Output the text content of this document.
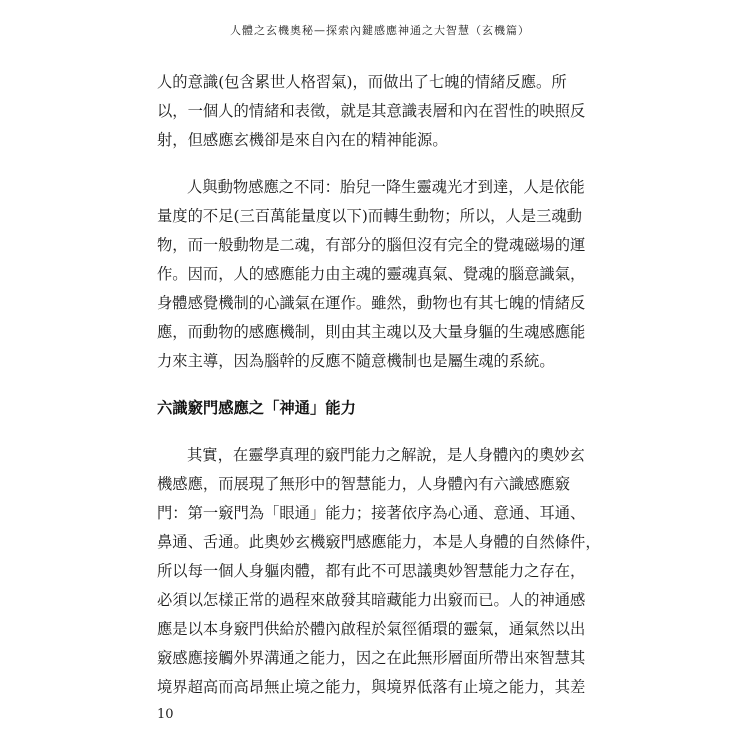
人體之玄機奧秘—探索內鍵感應神通之大智慧（玄機篇）
人的意識(包含累世人格習氣)，而做出了七魄的情緒反應。所
以，一個人的情緒和表徵，就是其意識表層和內在習性的映照反
射，但感應玄機卻是來自內在的精神能源。
人與動物感應之不同：胎兒一降生靈魂光才到達，人是依能
量度的不足(三百萬能量度以下)而轉生動物；所以，人是三魂動
物，而一般動物是二魂，有部分的腦但沒有完全的覺魂磁場的運
作。因而，人的感應能力由主魂的靈魂真氣、覺魂的腦意識氣，
身體感覺機制的心識氣在運作。雖然，動物也有其七魄的情緒反
應，而動物的感應機制，則由其主魂以及大量身軀的生魂感應能
力來主導，因為腦幹的反應不隨意機制也是屬生魂的系統。
六識竅門感應之「神通」能力
其實，在靈學真理的竅門能力之解說，是人身體內的奧妙玄
機感應，而展現了無形中的智慧能力，人身體內有六識感應竅
門：第一竅門為「眼通」能力；接著依序為心通、意通、耳通、
鼻通、舌通。此奧妙玄機竅門感應能力，本是人身體的自然條件，
所以每一個人身軀肉體，都有此不可思議奧妙智慧能力之存在，
必須以怎樣正常的過程來啟發其暗藏能力出竅而已。人的神通感
應是以本身竅門供給於體內啟程於氣徑循環的靈氣，通氣然以出
竅感應接觸外界溝通之能力，因之在此無形層面所帶出來智慧其
境界超高而高昂無止境之能力，與境界低落有止境之能力，其差
10
